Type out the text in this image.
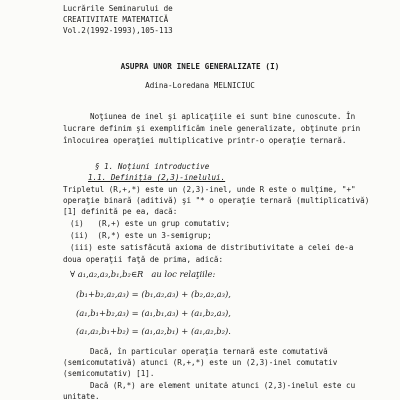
Lucrările Seminarului de
CREATIVITATE MATEMATICĂ
Vol.2(1992-1993),105-113
ASUPRA UNOR INELE GENERALIZATE (I)
Adina-Loredana MELNICIUC
Noţiunea de inel şi aplicaţiile ei sunt bine cunoscute. În
lucrare definim şi exemplificăm inele generalizate, obţinute prin
înlocuirea operaţiei multiplicative printr-o operaţie ternară.
§ 1. Noţiuni introductive
1.1. Definiţia (2,3)-inelului.
Tripletul (R,+,*) este un (2,3)-inel, unde R este o mulţime, "+"
operaţie binară (aditivă) şi "* o operaţie ternară (multiplicativă)
[1] definită pe ea, dacă:
(i)   (R,+) este un grup comutativ;
(ii)  (R,*) este un 3-semigrup;
(iii) este satisfăcută axioma de distributivitate a celei de-a
doua operaţii faţă de prima, adică:
∀ a₁,a₂,a₃,b₁,b₂∈R   au loc relaţiile:
(b₁+b₂,a₂,a₃) = (b₁,a₂,a₃) + (b₂,a₂,a₃),
(a₁,b₁+b₂,a₃) = (a₁,b₁,a₃) + (a₁,b₂,a₃),
(a₁,a₂,b₁+b₂) = (a₁,a₂,b₁) + (a₁,a₂,b₂).
Dacă, în particular operaţia ternară este comutativă
(semicomutativă) atunci (R,+,*) este un (2,3)-inel comutativ
(semicomutativ) [1].
Dacă (R,*) are element unitate atunci (2,3)-inelul este cu
unitate.
